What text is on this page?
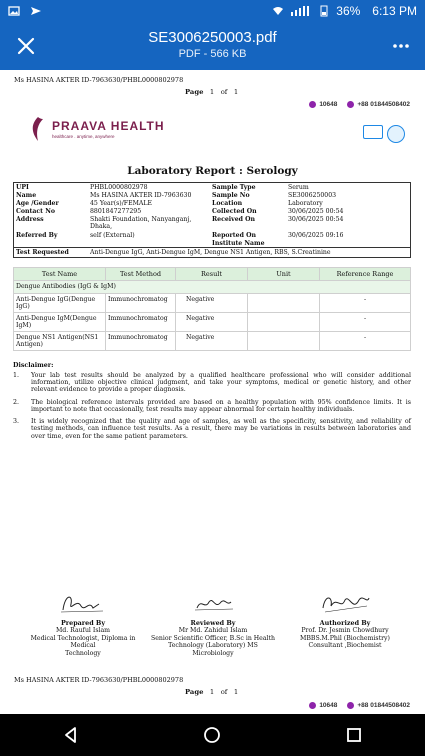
36% 6:13 PM
SE3006250003.pdf
PDF - 566 KB
Ms HASINA AKTER ID-7963630/PHBL0000802978
Page 1 of 1
10648	+88 01844508402
PRAAVA HEALTH
healthcare . anytime, anywhere
Laboratory Report : Serology
UPI	PHBL0000802978	Sample Type	Serum
Name	Ms HASINA AKTER ID-7963630	Sample No	SE3006250003
Age /Gender	45 Year(s)/FEMALE	Location	Laboratory
Contact No	8801847277295	Collected On	30/06/2025 00:54
Address	Shakti Foundation, Nanyanganj, Dhaka,	Received On	30/06/2025 00:54
Referred By	self (External)	Reported On	30/06/2025 09:16
		Institute Name	
Test Requested	Anti-Dengue IgG, Anti-Dengue IgM, Dengue NS1 Antigen, RBS, S.Creatinine		
Test Name	Test Method	Result	Unit	Reference Range
Dengue Antibodies (IgG & IgM)				
Anti-Dengue IgG(Dengue IgG)	Immunochromatog	Negative		-
Anti-Dengue IgM(Dengue IgM)	Immunochromatog	Negative		-
Dengue NS1 Antigen(NS1 Antigen)	Immunochromatog	Negative		-
Disclaimer:
1.	Your lab test results should be analyzed by a qualified healthcare professional who will consider additional information, utilize objective clinical judgment, and take your symptoms, medical or genetic history, and other relevant evidence to provide a proper diagnosis.
2.	The biological reference intervals provided are based on a healthy population with 95% confidence limits. It is important to note that occasionally, test results may appear abnormal for certain healthy individuals.
3.	It is widely recognized that the quality and age of samples, as well as the specificity, sensitivity, and reliability of testing methods, can influence test results. As a result, there may be variations in results between laboratories and over time, even for the same patient parameters.
Prepared By
Md. Rauful Islam
Medical Technologist, Diploma in Medical
Technology
Reviewed By
Mr Md. Zahidul Islam
Senior Scientific Officer, B.Sc in Health
Technology (Laboratory) MS Microbiology
Authorized By
Prof. Dr. Jesmin Chowdhury
MBBS.M.Phil (Biochemistry)
Consultant ,Biochemist
Ms HASINA AKTER ID-7963630/PHBL0000802978
Page 1 of 1
10648	+88 01844508402
